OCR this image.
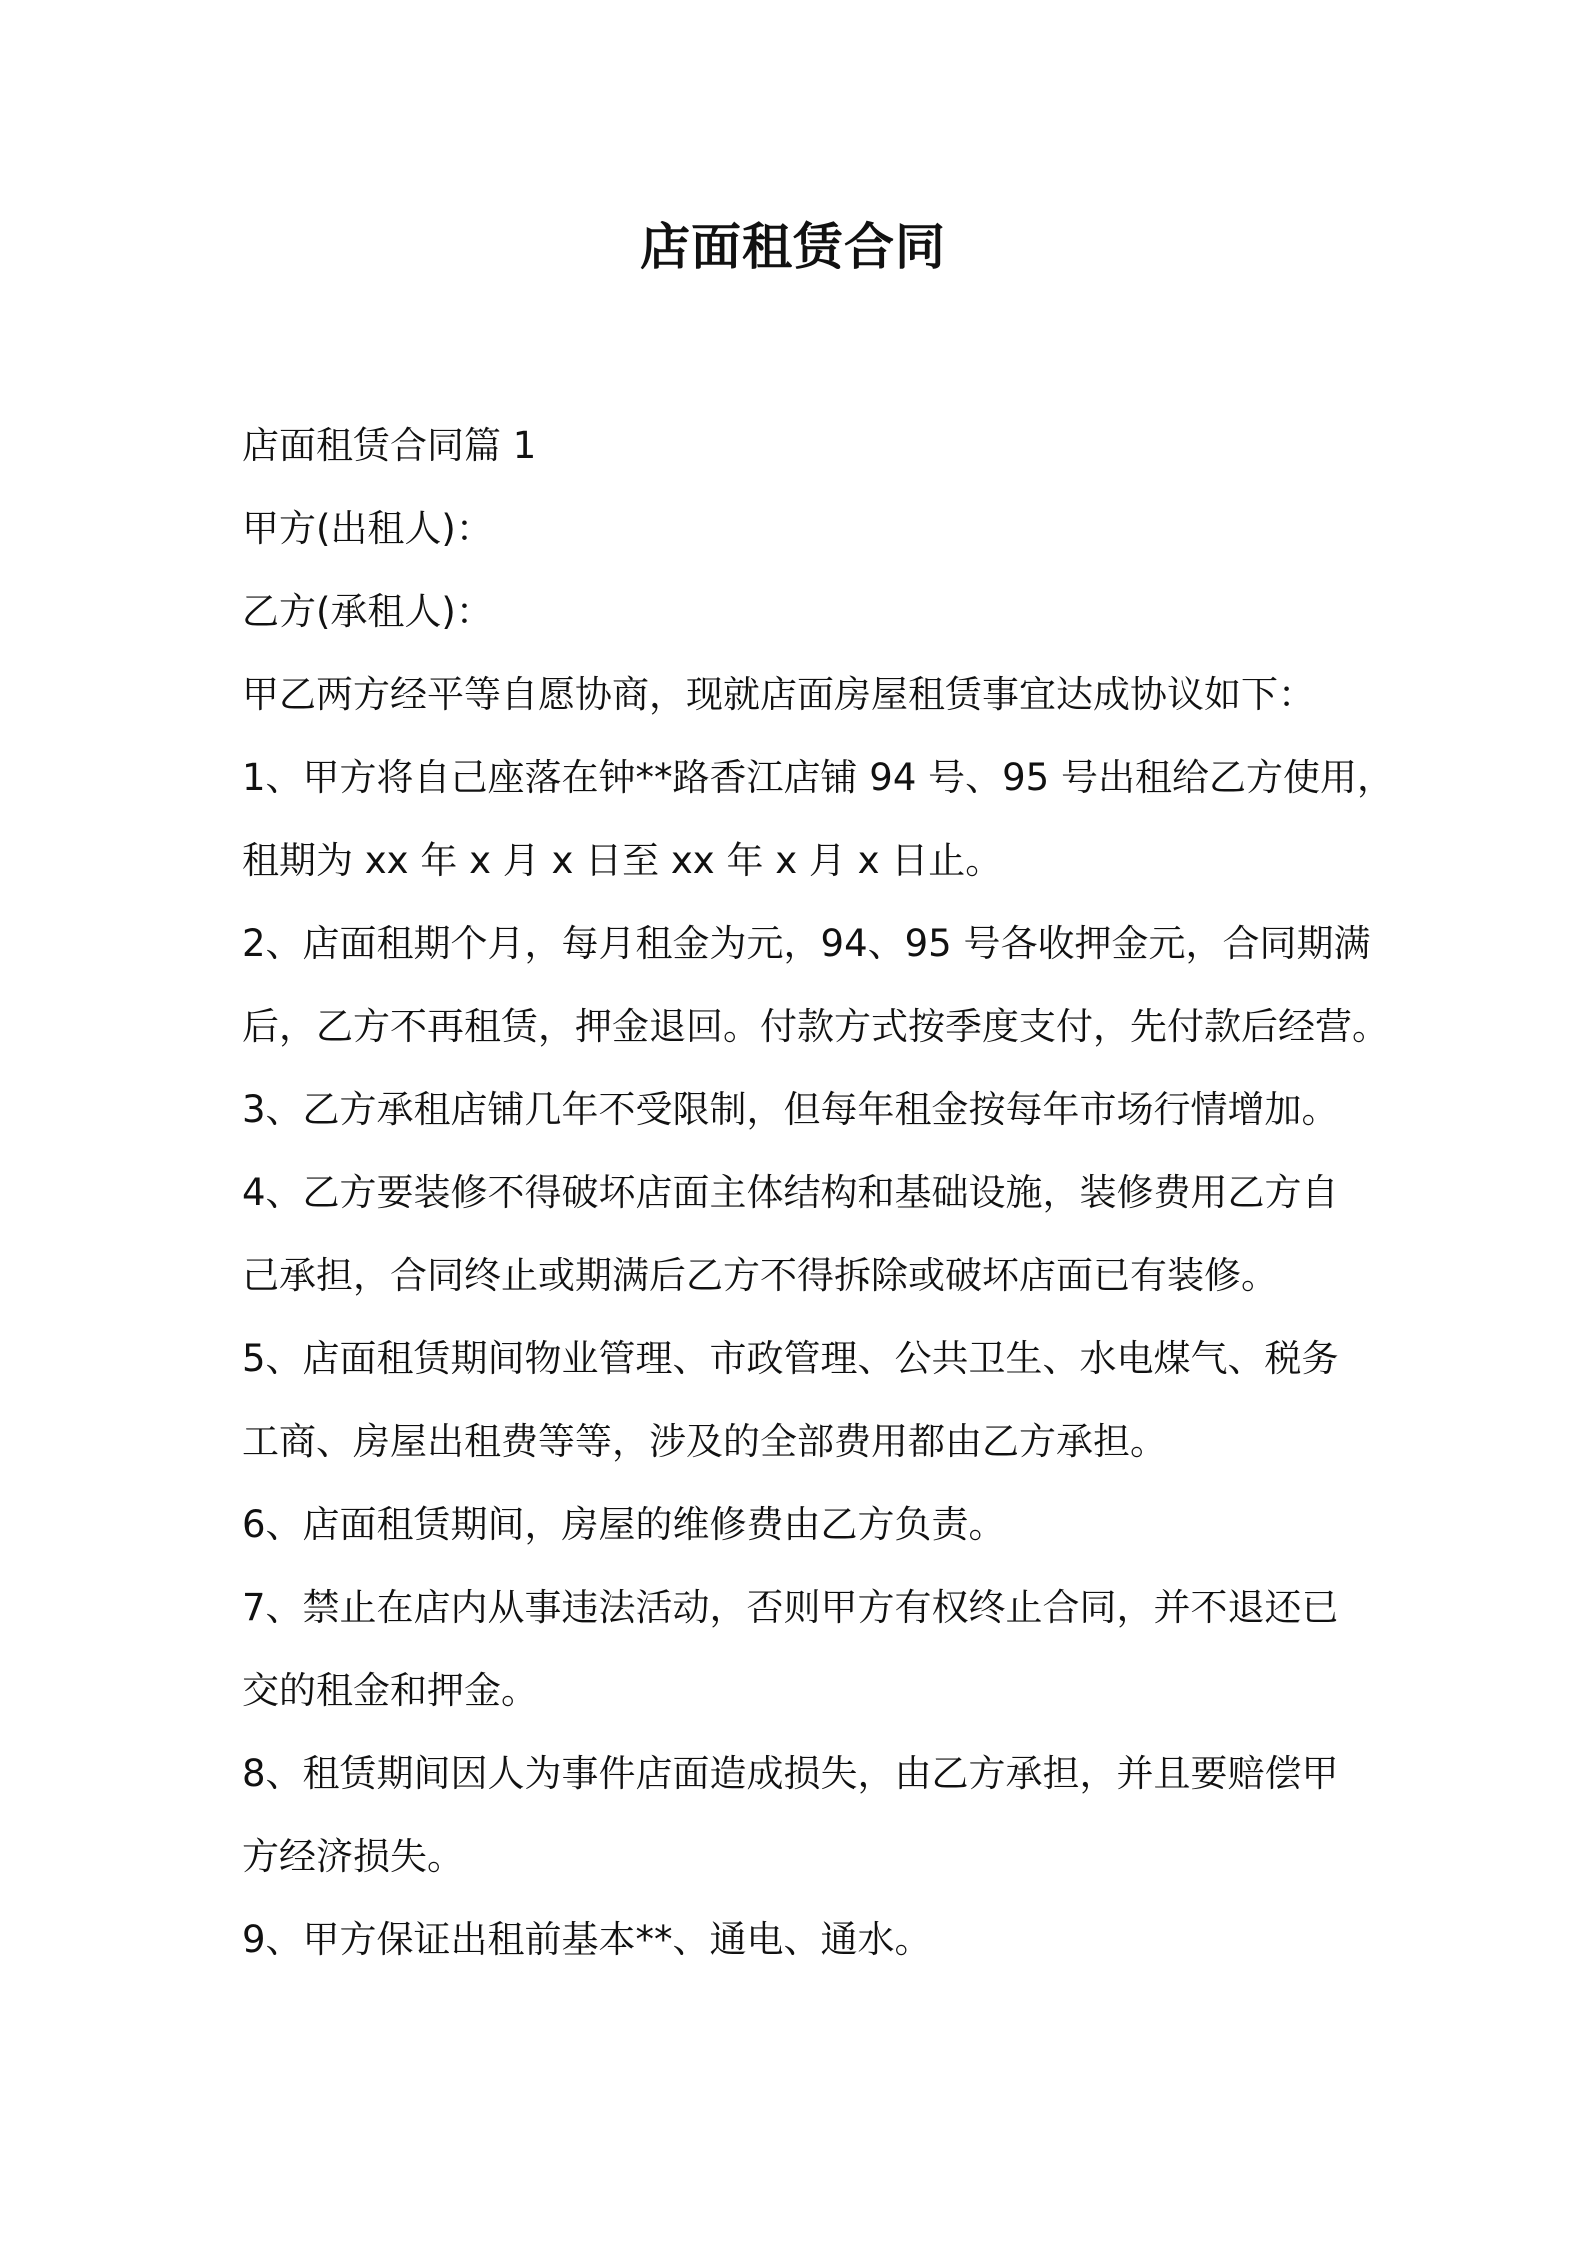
店面租赁合同

店面租赁合同篇 1

甲方(出租人)：

乙方(承租人)：

甲乙两方经平等自愿协商，现就店面房屋租赁事宜达成协议如下：

1、甲方将自己座落在钟**路香江店铺 94 号、95 号出租给乙方使用，
租期为 xx 年 x 月 x 日至 xx 年 x 月 x 日止。
2、店面租期个月，每月租金为元，94、95 号各收押金元，合同期满
后，乙方不再租赁，押金退回。付款方式按季度支付，先付款后经营。
3、乙方承租店铺几年不受限制，但每年租金按每年市场行情增加。
4、乙方要装修不得破坏店面主体结构和基础设施，装修费用乙方自
己承担，合同终止或期满后乙方不得拆除或破坏店面已有装修。
5、店面租赁期间物业管理、市政管理、公共卫生、水电煤气、税务
工商、房屋出租费等等，涉及的全部费用都由乙方承担。
6、店面租赁期间，房屋的维修费由乙方负责。
7、禁止在店内从事违法活动，否则甲方有权终止合同，并不退还已
交的租金和押金。
8、租赁期间因人为事件店面造成损失，由乙方承担，并且要赔偿甲
方经济损失。
9、甲方保证出租前基本**、通电、通水。
